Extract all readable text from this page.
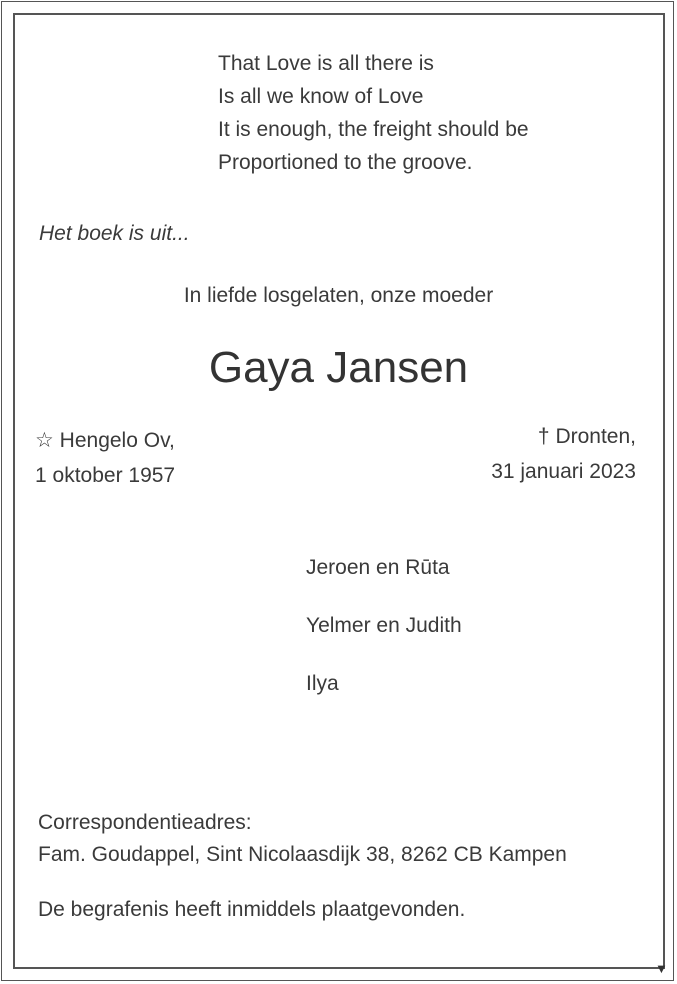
▼
That Love is all there is
Is all we know of Love
It is enough, the freight should be
Proportioned to the groove.
Het boek is uit...
In liefde losgelaten, onze moeder
Gaya Jansen
☆ Hengelo Ov,
1 oktober 1957
† Dronten,
31 januari 2023
Jeroen en Rūta
Yelmer en Judith
Ilya
Correspondentieadres:
Fam. Goudappel, Sint Nicolaasdijk 38, 8262 CB Kampen
De begrafenis heeft inmiddels plaatgevonden.
